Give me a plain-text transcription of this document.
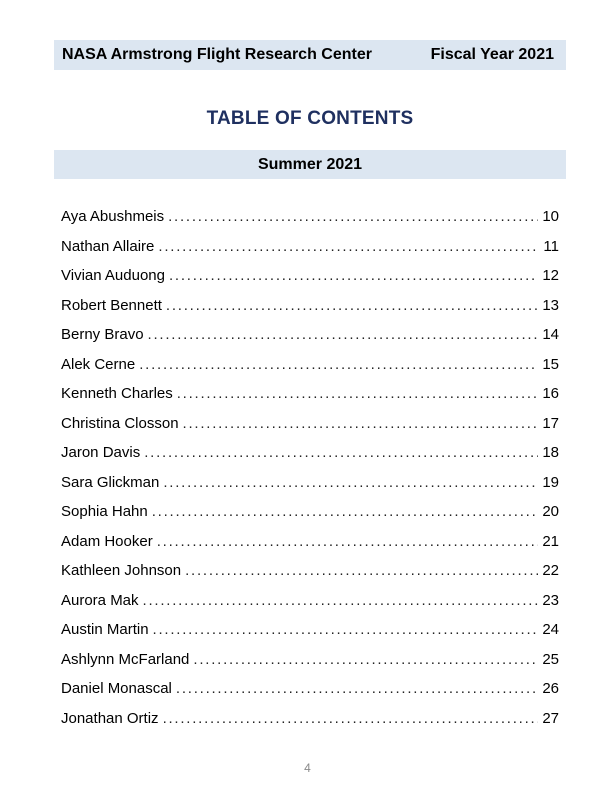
NASA Armstrong Flight Research Center	Fiscal Year 2021
TABLE OF CONTENTS
Summer 2021
Aya Abushmeis . . .	10
Nathan Allaire . . .	11
Vivian Auduong . . .	12
Robert Bennett . . .	13
Berny Bravo . . .	14
Alek Cerne . . .	15
Kenneth Charles . . .	16
Christina Closson . . .	17
Jaron Davis . . .	18
Sara Glickman . . .	19
Sophia Hahn . . .	20
Adam Hooker . . .	21
Kathleen Johnson . . .	22
Aurora Mak . . .	23
Austin Martin . . .	24
Ashlynn McFarland . . .	25
Daniel Monascal . . .	26
Jonathan Ortiz . . .	27
4
